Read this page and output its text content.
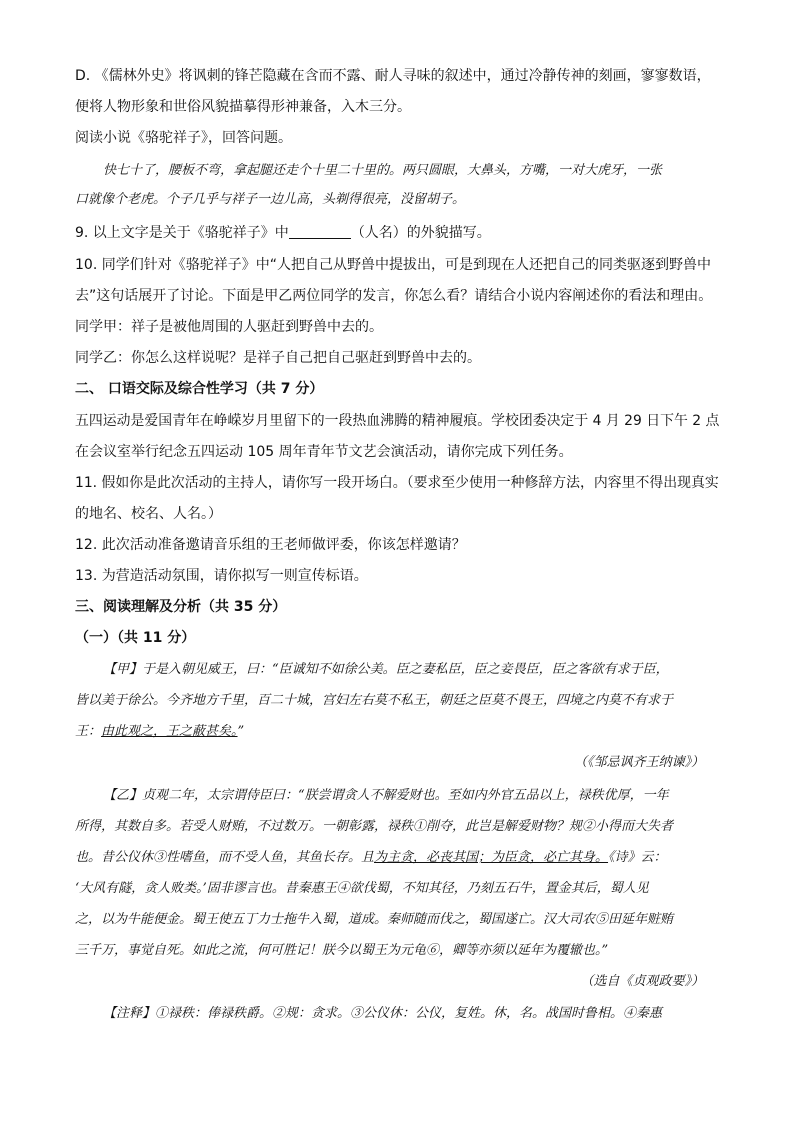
D. 《儒林外史》将讽刺的锋芒隐藏在含而不露、耐人寻味的叙述中，通过冷静传神的刻画，寥寥数语，
便将人物形象和世俗风貌描摹得形神兼备，入木三分。
阅读小说《骆驼祥子》，回答问题。
快七十了，腰板不弯，拿起腿还走个十里二十里的。两只圆眼，大鼻头，方嘴，一对大虎牙，一张
口就像个老虎。个子几乎与祥子一边儿高，头剃得很亮，没留胡子。
9. 以上文字是关于《骆驼祥子》中	（人名）的外貌描写。
10. 同学们针对《骆驼祥子》中“人把自己从野兽中提拔出，可是到现在人还把自己的同类驱逐到野兽中
去”这句话展开了讨论。下面是甲乙两位同学的发言，你怎么看？请结合小说内容阐述你的看法和理由。
同学甲：祥子是被他周围的人驱赶到野兽中去的。
同学乙：你怎么这样说呢？是祥子自己把自己驱赶到野兽中去的。
二、 口语交际及综合性学习（共 7 分）
五四运动是爱国青年在峥嵘岁月里留下的一段热血沸腾的精神履痕。学校团委决定于 4 月 29 日下午 2 点
在会议室举行纪念五四运动 105 周年青年节文艺会演活动，请你完成下列任务。
11. 假如你是此次活动的主持人，请你写一段开场白。（要求至少使用一种修辞方法，内容里不得出现真实
的地名、校名、人名。）
12. 此次活动准备邀请音乐组的王老师做评委，你该怎样邀请？
13. 为营造活动氛围，请你拟写一则宣传标语。
三、阅读理解及分析（共 35 分）
（一）（共 11 分）
【甲】于是入朝见威王，曰：“臣诚知不如徐公美。臣之妻私臣，臣之妾畏臣，臣之客欲有求于臣，
皆以美于徐公。今齐地方千里，百二十城，宫妇左右莫不私王，朝廷之臣莫不畏王，四境之内莫不有求于
王：由此观之，王之蔽甚矣。”
（《邹忌讽齐王纳谏》）
【乙】贞观二年，太宗谓侍臣曰：“朕尝谓贪人不解爱财也。至如内外官五品以上，禄秩优厚，一年
所得，其数自多。若受人财贿，不过数万。一朝彰露，禄秩①削夺，此岂是解爱财物？规②小得而大失者
也。昔公仪休③性嗜鱼，而不受人鱼，其鱼长存。且为主贪，必丧其国；为臣贪，必亡其身。《诗》云：
‘大风有隧，贪人败类。’固非谬言也。昔秦惠王④欲伐蜀，不知其径，乃刻五石牛，置金其后，蜀人见
之，以为牛能便金。蜀王使五丁力士拖牛入蜀，道成。秦师随而伐之，蜀国遂亡。汉大司农⑤田延年赃贿
三千万，事觉自死。如此之流，何可胜记！朕今以蜀王为元龟⑥，卿等亦须以延年为覆辙也。”
（选自《贞观政要》）
【注释】①禄秩：俸禄秩爵。②规：贪求。③公仪休：公仪，复姓。休，名。战国时鲁相。④秦惠
